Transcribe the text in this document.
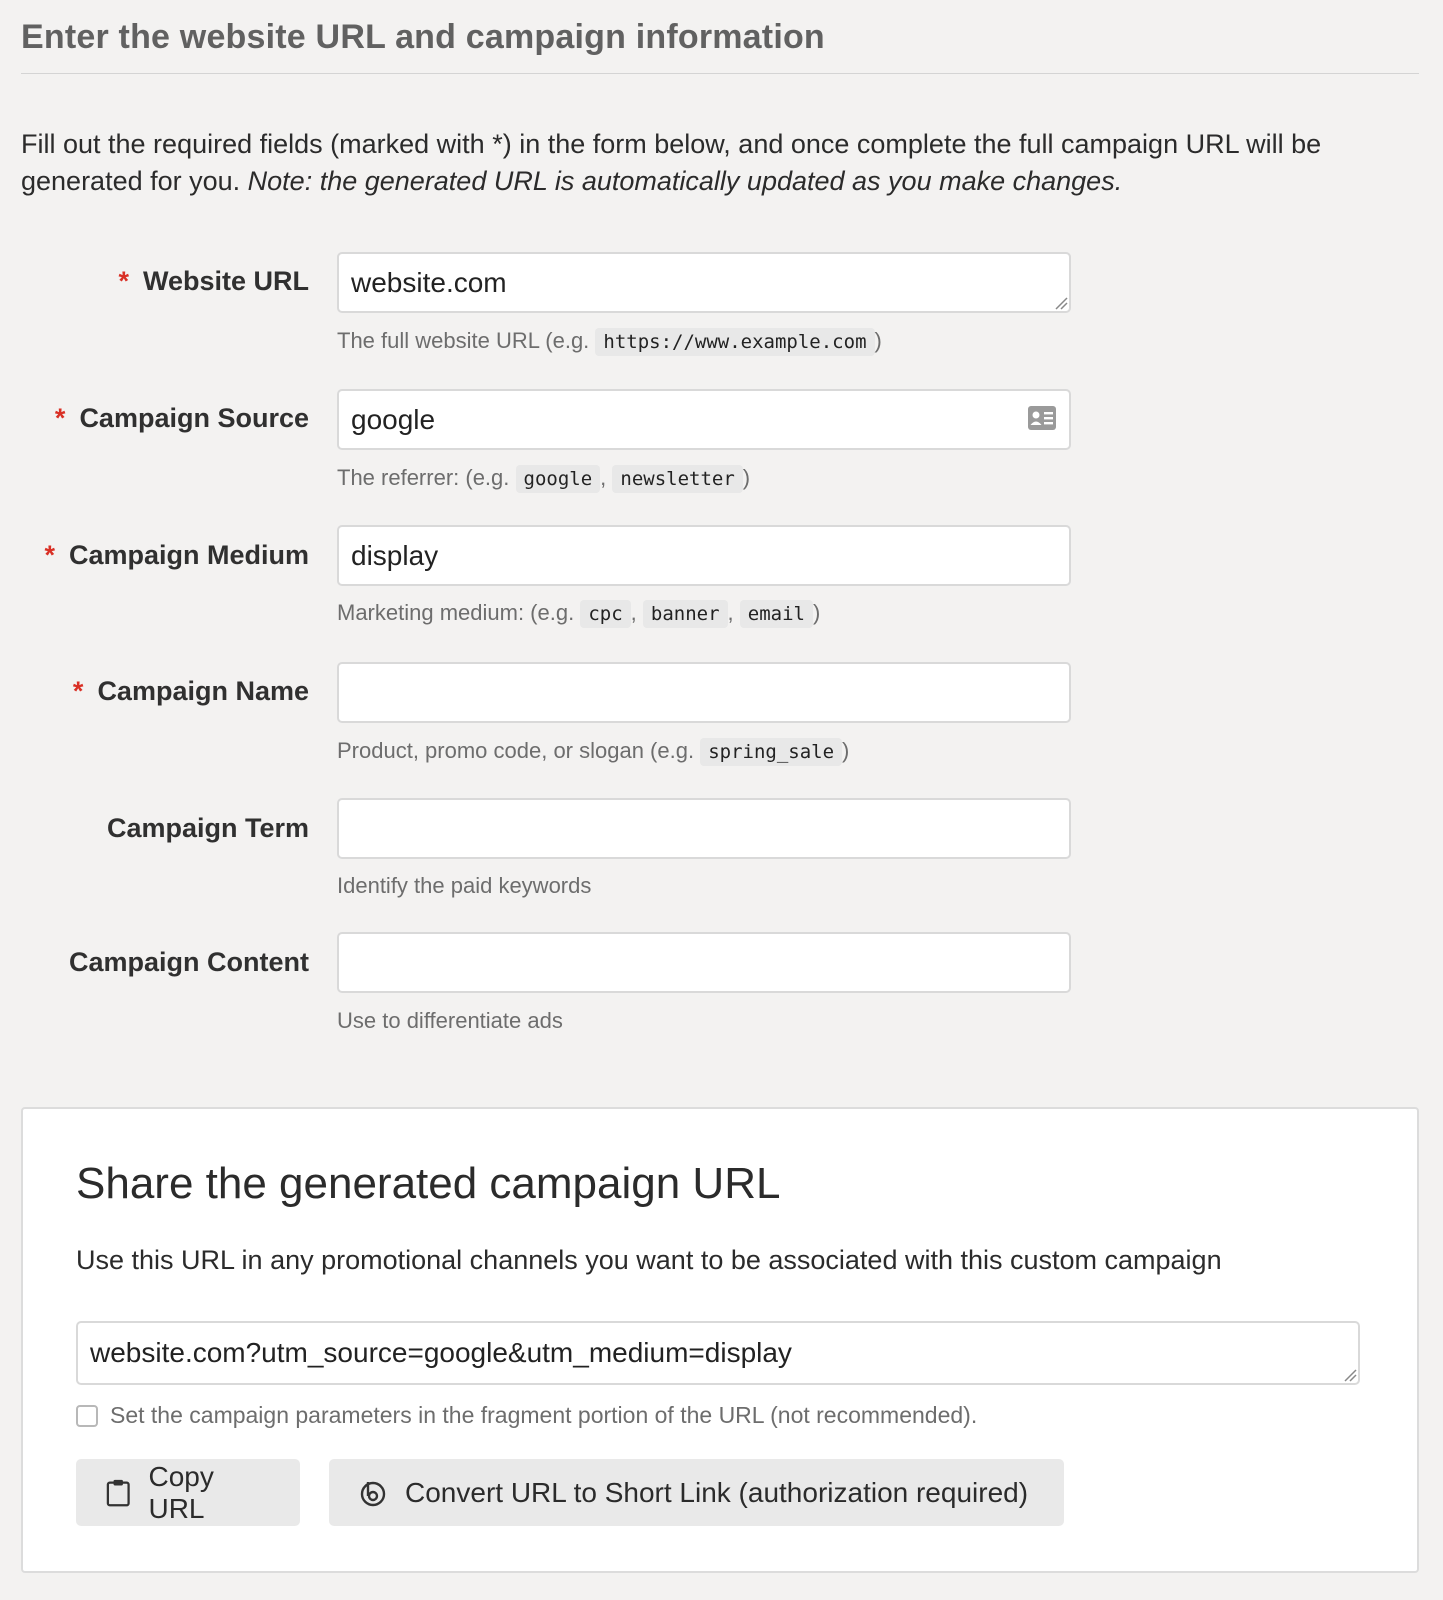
Enter the website URL and campaign information
Fill out the required fields (marked with *) in the form below, and once complete the full campaign URL will be generated for you. Note: the generated URL is automatically updated as you make changes.
* Website URL
website.com
The full website URL (e.g. https://www.example.com )
* Campaign Source
google
The referrer: (e.g. google , newsletter )
* Campaign Medium
display
Marketing medium: (e.g. cpc , banner , email )
* Campaign Name
Product, promo code, or slogan (e.g. spring_sale )
Campaign Term
Identify the paid keywords
Campaign Content
Use to differentiate ads
Share the generated campaign URL
Use this URL in any promotional channels you want to be associated with this custom campaign
website.com?utm_source=google&utm_medium=display
Set the campaign parameters in the fragment portion of the URL (not recommended).
Copy URL
Convert URL to Short Link (authorization required)
